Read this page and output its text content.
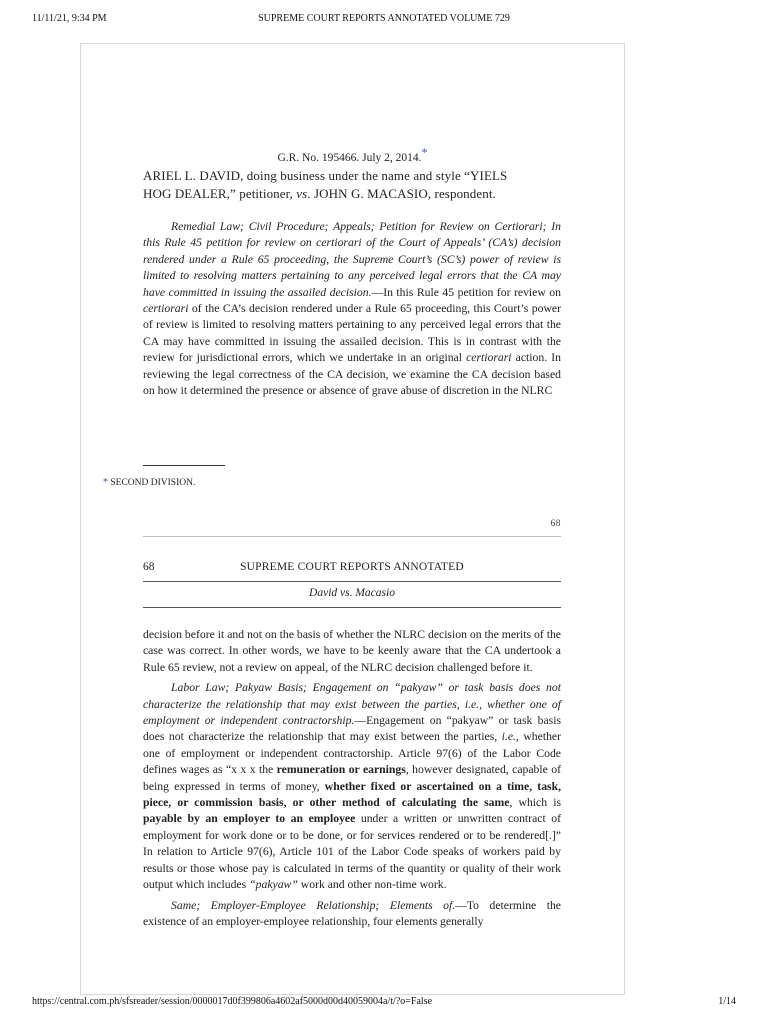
11/11/21, 9:34 PM	SUPREME COURT REPORTS ANNOTATED VOLUME 729
G.R. No. 195466. July 2, 2014.*
ARIEL L. DAVID, doing business under the name and style “YIELS
HOG DEALER,” petitioner, vs. JOHN G. MACASIO, respondent.

Remedial Law; Civil Procedure; Appeals; Petition for Review on Certiorari; In this Rule 45 petition for review on certiorari of the Court of Appeals’ (CA’s) decision rendered under a Rule 65 proceeding, the Supreme Court’s (SC’s) power of review is limited to resolving matters pertaining to any perceived legal errors that the CA may have committed in issuing the assailed decision.—In this Rule 45 petition for review on certiorari of the CA’s decision rendered under a Rule 65 proceeding, this Court’s power of review is limited to resolving matters pertaining to any perceived legal errors that the CA may have committed in issuing the assailed decision. This is in contrast with the review for jurisdictional errors, which we undertake in an original certiorari action. In reviewing the legal correctness of the CA decision, we examine the CA decision based on how it determined the presence or absence of grave abuse of discretion in the NLRC

* SECOND DIVISION.
68
SUPREME COURT REPORTS ANNOTATED
68
David vs. Macasio

decision before it and not on the basis of whether the NLRC decision on the merits of the case was correct. In other words, we have to be keenly aware that the CA undertook a Rule 65 review, not a review on appeal, of the NLRC decision challenged before it.

Labor Law; Pakyaw Basis; Engagement on “pakyaw” or task basis does not characterize the relationship that may exist between the parties, i.e., whether one of employment or independent contractorship.—Engagement on “pakyaw” or task basis does not characterize the relationship that may exist between the parties, i.e., whether one of employment or independent contractorship. Article 97(6) of the Labor Code defines wages as “x x x the remuneration or earnings, however designated, capable of being expressed in terms of money, whether fixed or ascertained on a time, task, piece, or commission basis, or other method of calculating the same, which is payable by an employer to an employee under a written or unwritten contract of employment for work done or to be done, or for services rendered or to be rendered[.]” In relation to Article 97(6), Article 101 of the Labor Code speaks of workers paid by results or those whose pay is calculated in terms of the quantity or quality of their work output which includes “pakyaw” work and other non-time work.

Same; Employer-Employee Relationship; Elements of.—To determine the existence of an employer-employee relationship, four elements generally

https://central.com.ph/sfsreader/session/0000017d0f399806a4602af5000d00d40059004a/t/?o=False	1/14
